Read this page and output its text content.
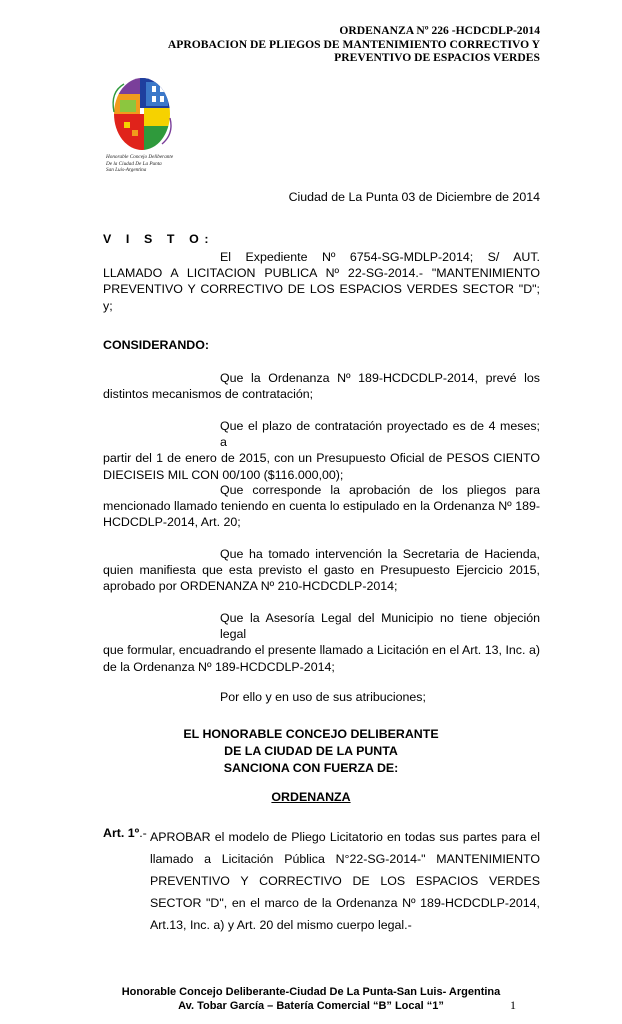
ORDENANZA Nº 226 -HCDCDLP-2014
APROBACION DE PLIEGOS DE MANTENIMIENTO CORRECTIVO Y
PREVENTIVO DE ESPACIOS VERDES
Honorable Concejo Deliberante
De la Ciudad De La Punta
San Luis-Argentina
Ciudad de La Punta 03 de Diciembre de 2014
V I S T O:
El Expediente Nº 6754-SG-MDLP-2014; S/ AUT.
LLAMADO A LICITACION PUBLICA Nº 22-SG-2014.- "MANTENIMIENTO
PREVENTIVO Y CORRECTIVO DE LOS ESPACIOS VERDES SECTOR "D"; y;
CONSIDERANDO:
Que la Ordenanza Nº 189-HCDCDLP-2014, prevé los
distintos mecanismos de contratación;
Que el plazo de contratación proyectado es de 4 meses; a
partir del 1 de enero de 2015, con un Presupuesto Oficial de PESOS CIENTO
DIECISEIS MIL CON 00/100 ($116.000,00);
Que corresponde la aprobación de los pliegos para
mencionado llamado teniendo en cuenta lo estipulado en la Ordenanza Nº 189-
HCDCDLP-2014, Art. 20;
Que ha tomado intervención la Secretaria de Hacienda,
quien manifiesta que esta previsto el gasto en Presupuesto Ejercicio 2015,
aprobado por ORDENANZA Nº 210-HCDCDLP-2014;
Que la Asesoría Legal del Municipio no tiene objeción legal
que formular, encuadrando el presente llamado a Licitación en el Art. 13, Inc. a)
de la Ordenanza Nº 189-HCDCDLP-2014;
Por ello y en uso de sus atribuciones;
EL HONORABLE CONCEJO DELIBERANTE
DE LA CIUDAD DE LA PUNTA
SANCIONA CON FUERZA DE:
ORDENANZA
Art. 1º.- APROBAR el modelo de Pliego Licitatorio en todas sus partes para el
llamado a Licitación Pública N°22-SG-2014-" MANTENIMIENTO
PREVENTIVO Y CORRECTIVO DE LOS ESPACIOS VERDES
SECTOR "D", en el marco de la Ordenanza Nº 189-HCDCDLP-2014,
Art.13, Inc. a) y Art. 20 del mismo cuerpo legal.-
Honorable Concejo Deliberante-Ciudad De La Punta-San Luis- Argentina
Av. Tobar García – Batería Comercial “B” Local “1”	1
